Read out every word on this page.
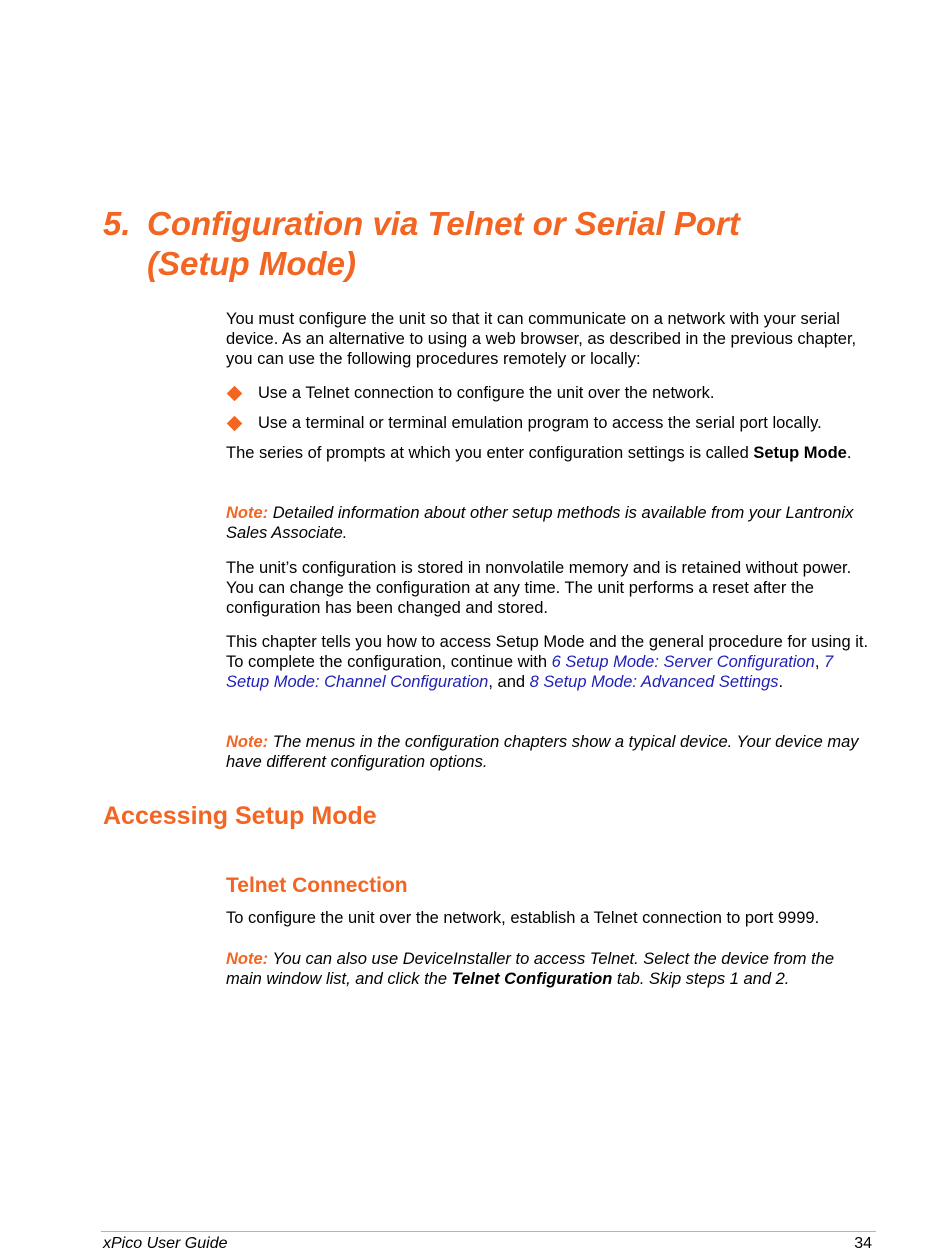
5. Configuration via Telnet or Serial Port
(Setup Mode)

You must configure the unit so that it can communicate on a network with your serial device. As an alternative to using a web browser, as described in the previous chapter, you can use the following procedures remotely or locally:

Use a Telnet connection to configure the unit over the network.
Use a terminal or terminal emulation program to access the serial port locally.

The series of prompts at which you enter configuration settings is called Setup Mode.

Note: Detailed information about other setup methods is available from your Lantronix Sales Associate.

The unit’s configuration is stored in nonvolatile memory and is retained without power. You can change the configuration at any time. The unit performs a reset after the configuration has been changed and stored.

This chapter tells you how to access Setup Mode and the general procedure for using it. To complete the configuration, continue with 6 Setup Mode: Server Configuration, 7 Setup Mode: Channel Configuration, and 8 Setup Mode: Advanced Settings.

Note: The menus in the configuration chapters show a typical device. Your device may have different configuration options.

Accessing Setup Mode
Telnet Connection

To configure the unit over the network, establish a Telnet connection to port 9999.

Note: You can also use DeviceInstaller to access Telnet. Select the device from the main window list, and click the Telnet Configuration tab. Skip steps 1 and 2.

xPico User Guide	34
